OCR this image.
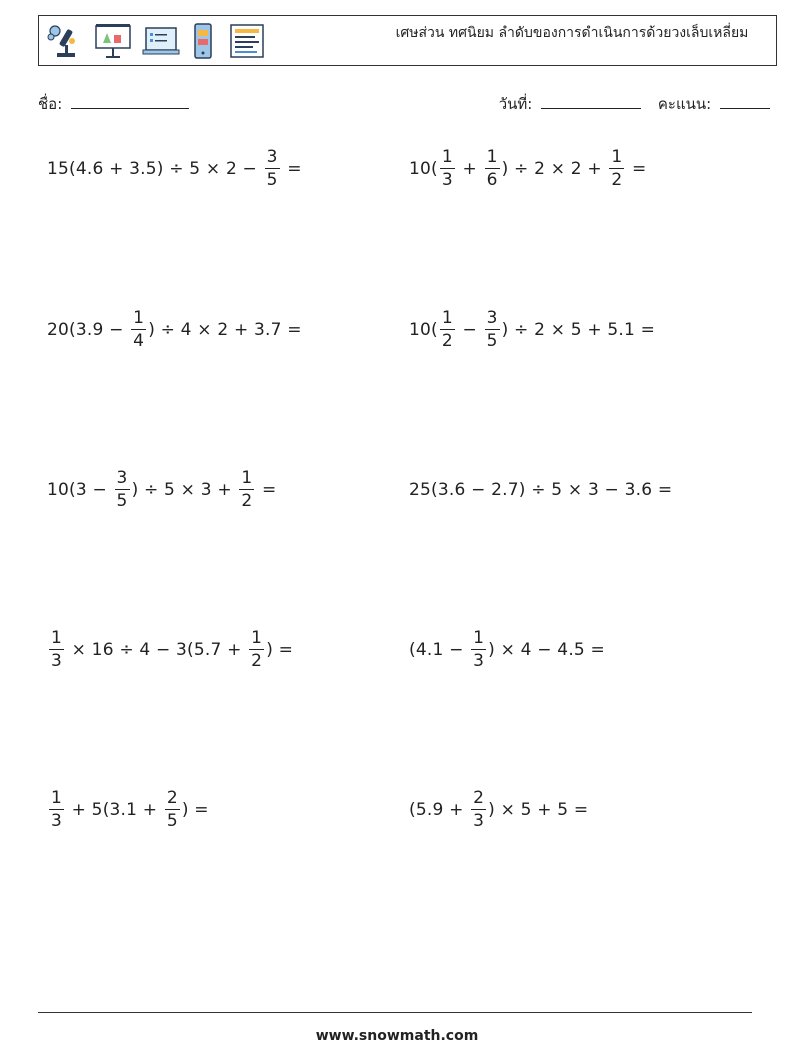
เศษส่วน ทศนิยม ลำดับของการดำเนินการด้วยวงเล็บเหลี่ยม
ชื่อ:	วันที่:	คะแนน:
$15(4.6 + 3.5) \div 5 \times 2 - \frac{3}{5}$ =	$10( \frac{1}{3} + \frac{1}{6}$ ) ÷ $2 \times 2 + \frac{1}{2}$ =
$20(3.9 - \frac{1}{4}$ ) ÷ 4 × 2 + 3.7 =	$10( \frac{1}{2} - \frac{3}{5}$ ) ÷ 2 × 5 + 5.1 =
$10(3 - \frac{3}{5}$ ) ÷ $5 \times 3 + \frac{1}{2}$ =	25(3.6 − 2.7) ÷ 5 × 3 − 3.6 =
$\frac{1}{3} \times 16 \div 4 - 3(5.7 + \frac{1}{2}$ ) =	($4.1 - \frac{1}{3}$ ) × 4 − 4.5 =
$\frac{1}{3} + 5(3.1 + \frac{2}{5}$ ) =	($5.9 + \frac{2}{3}$ ) × 5 + 5 =
www.snowmath.com
